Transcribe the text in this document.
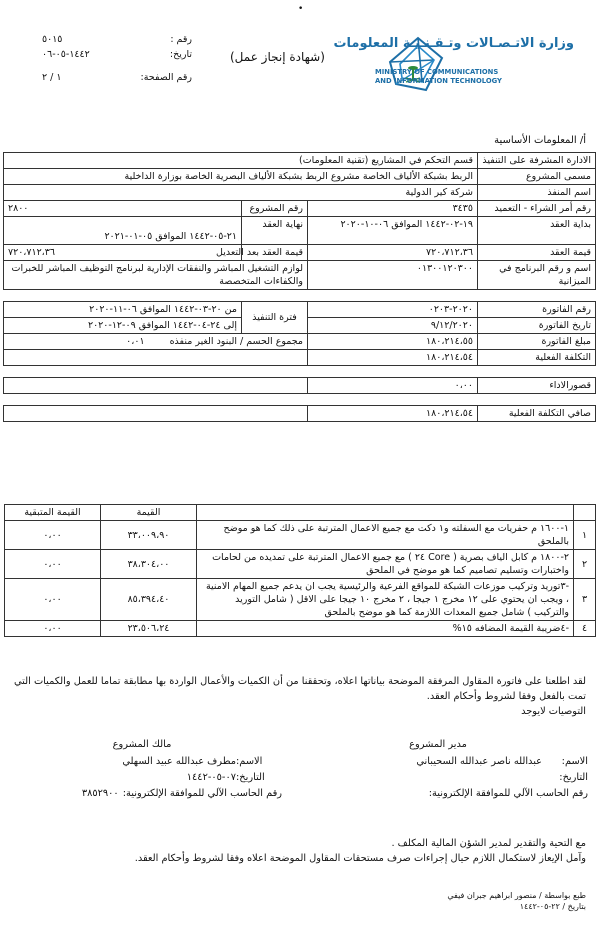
•
وزارة الاتـصـالات وتـقـنـيـة المعلومات
MINISTRY OF COMMUNICATIONS
AND INFORMATION TECHNOLOGY
(شهادة إنجاز عمل)
رقم :
٥٠١٥
تاريخ:
١٤٤٢-٠٥-٠٦
رقم الصفحة:
١ / ٢
أ/ المعلومات الأساسية
الادارة المشرفة على التنفيذ	قسم التحكم في المشاريع (تقنية المعلومات)		
مسمى المشروع	الربط بشبكة الألياف الخاصة مشروع الربط بشبكة الألياف البصرية الخاصة بوزارة الداخلية		
اسم المنفذ	شركة كير الدولية		
رقم أمر الشراء - التعميد	٣٤٣٥	رقم المشروع	٢٨٠٠
بداية العقد	١٩-٠٢-١٤٤٢ الموافق ٠٦-١٠-٢٠٢٠	نهاية العقد	٢١-٠٥-١٤٤٢ الموافق ٠٥-٠١-٢٠٢١
قيمة العقد	٧٢٠،٧١٢،٣٦	قيمة العقد بعد التعديل	٧٢٠،٧١٢،٣٦
اسم و رقم البرنامج في الميزانية	٠١٣٠٠١٢٠٣٠٠	لوازم التشغيل المباشر والنفقات الإدارية لبرنامج التوظيف المباشر للخبرات والكفاءات المتخصصة	

رقم الفاتورة	٢٠٢٠-٠٢٠٣	فترة التنفيذ	من ٢٠-٠٣-١٤٤٢ الموافق ٠٦-١١-٢٠٢٠
تاريخ الفاتورة	٩/١٢/٢٠٢٠		إلى ٢٤-٠٤-١٤٤٢ الموافق ٠٩-١٢-٢٠٢٠
مبلغ الفاتورة	١٨٠،٢١٤،٥٥	مجموع الحسم / البنود الغير منفذه ٠،٠١	
التكلفة الفعلية	١٨٠،٢١٤،٥٤		

قصورالاداء	٠،٠٠		

صافي التكلفة الفعلية	١٨٠،٢١٤،٥٤		
		القيمة	القيمة المتبقية
١	١-١٦٠٠ م حفريات مع السفلته و١ دكت مع جميع الاعمال المترتبة على ذلك كما هو موضح بالملحق	٣٣،٠٠٩،٩٠	٠،٠٠
٢	٢-١٨٠٠ م كابل الياف بصرية ( Core ٢٤ ) مع جميع الاعمال المترتبة على تمديده من لحامات واختبارات وتسليم تصاميم كما هو موضح في الملحق	٣٨،٣٠٤،٠٠	٠،٠٠
٣	-٣توريد وتركيب موزعات الشبكة للمواقع الفرعية والرئيسية يجب ان يدعم جميع المهام الامنية ، ويجب ان يحتوي على ١٢ مخرج ١ جيجا ، ٢ مخرج ١٠ جيجا على الاقل ( شامل التوريد والتركيب ) شامل جميع المعدات اللازمة كما هو موضح بالملحق	٨٥،٣٩٤،٤٠	٠،٠٠
٤	-٤ضريبة القيمة المضافه ١٥%	٢٣،٥٠٦،٢٤	٠،٠٠

لقد اطلعنا على فاتورة المقاول المرفقة الموضحة بياناتها اعلاه، وتحققنا من أن الكميات والأعمال الواردة بها مطابقة تماما للعمل والكميات التي

تمت بالفعل وفقا لشروط وأحكام العقد.

التوصيات لايوجد

مدير المشروع
الاسم:
عبدالله ناصر عبدالله السحيباني
التاريخ:
رقم الحاسب الآلي للموافقة الإلكترونية:
مالك المشروع
الاسم:
مطرف عبدالله عبيد السهلي
التاريخ:
٠٧-٠٥-١٤٤٢
رقم الحاسب الآلي للموافقة الإلكترونية:
٣٨٥٢٩٠٠

مع التحية والتقدير لمدير الشؤن المالية المكلف .

وآمل الإيعاز لاستكمال اللازم حيال إجراءات صرف مستحقات المقاول الموضحة اعلاه وفقا لشروط وأحكام العقد.

طبع بواسطة / منصور ابراهيم جبران فيفي
بتاريخ / ٢٢-٠٥-١٤٤٢
